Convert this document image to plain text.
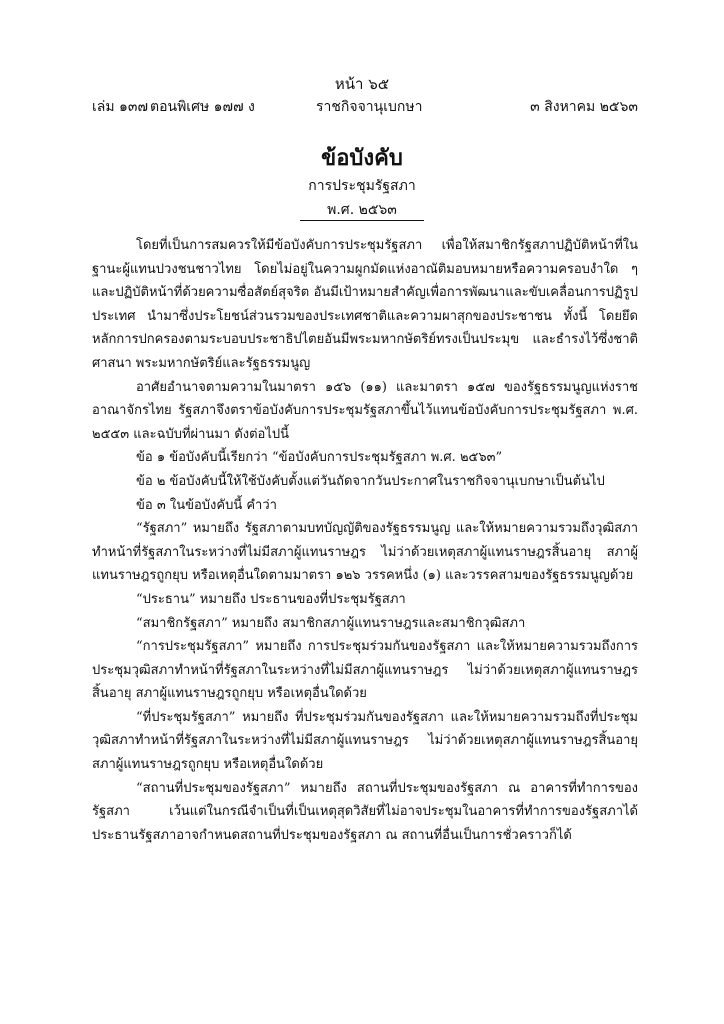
หน้า ๖๕
เล่ม ๑๓๗ ตอนพิเศษ ๑๗๗ ง	ราชกิจจานุเบกษา	๓ สิงหาคม ๒๕๖๓
ข้อบังคับ
การประชุมรัฐสภา
พ.ศ. ๒๕๖๓

โดยที่เป็นการสมควรให้มีข้อบังคับการประชุมรัฐสภา เพื่อให้สมาชิกรัฐสภาปฏิบัติหน้าที่ในฐานะผู้แทนปวงชนชาวไทย โดยไม่อยู่ในความผูกมัดแห่งอาณัติมอบหมายหรือความครอบงำใด ๆ และปฏิบัติหน้าที่ด้วยความซื่อสัตย์สุจริต อันมีเป้าหมายสำคัญเพื่อการพัฒนาและขับเคลื่อนการปฏิรูปประเทศ นำมาซึ่งประโยชน์ส่วนรวมของประเทศชาติและความผาสุกของประชาชน ทั้งนี้ โดยยึดหลักการปกครองตามระบอบประชาธิปไตยอันมีพระมหากษัตริย์ทรงเป็นประมุข และธำรงไว้ซึ่งชาติ ศาสนา พระมหากษัตริย์และรัฐธรรมนูญ

อาศัยอำนาจตามความในมาตรา ๑๕๖ (๑๑) และมาตรา ๑๕๗ ของรัฐธรรมนูญแห่งราชอาณาจักรไทย รัฐสภาจึงตราข้อบังคับการประชุมรัฐสภาขึ้นไว้แทนข้อบังคับการประชุมรัฐสภา พ.ศ. ๒๕๕๓ และฉบับที่ผ่านมา ดังต่อไปนี้

ข้อ ๑ ข้อบังคับนี้เรียกว่า “ข้อบังคับการประชุมรัฐสภา พ.ศ. ๒๕๖๓”

ข้อ ๒ ข้อบังคับนี้ให้ใช้บังคับตั้งแต่วันถัดจากวันประกาศในราชกิจจานุเบกษาเป็นต้นไป

ข้อ ๓ ในข้อบังคับนี้ คำว่า

“รัฐสภา” หมายถึง รัฐสภาตามบทบัญญัติของรัฐธรรมนูญ และให้หมายความรวมถึงวุฒิสภาทำหน้าที่รัฐสภาในระหว่างที่ไม่มีสภาผู้แทนราษฎร ไม่ว่าด้วยเหตุสภาผู้แทนราษฎรสิ้นอายุ สภาผู้แทนราษฎรถูกยุบ หรือเหตุอื่นใดตามมาตรา ๑๒๖ วรรคหนึ่ง (๑) และวรรคสามของรัฐธรรมนูญด้วย

“ประธาน” หมายถึง ประธานของที่ประชุมรัฐสภา

“สมาชิกรัฐสภา” หมายถึง สมาชิกสภาผู้แทนราษฎรและสมาชิกวุฒิสภา

“การประชุมรัฐสภา” หมายถึง การประชุมร่วมกันของรัฐสภา และให้หมายความรวมถึงการประชุมวุฒิสภาทำหน้าที่รัฐสภาในระหว่างที่ไม่มีสภาผู้แทนราษฎร ไม่ว่าด้วยเหตุสภาผู้แทนราษฎรสิ้นอายุ สภาผู้แทนราษฎรถูกยุบ หรือเหตุอื่นใดด้วย

“ที่ประชุมรัฐสภา” หมายถึง ที่ประชุมร่วมกันของรัฐสภา และให้หมายความรวมถึงที่ประชุมวุฒิสภาทำหน้าที่รัฐสภาในระหว่างที่ไม่มีสภาผู้แทนราษฎร ไม่ว่าด้วยเหตุสภาผู้แทนราษฎรสิ้นอายุ สภาผู้แทนราษฎรถูกยุบ หรือเหตุอื่นใดด้วย

“สถานที่ประชุมของรัฐสภา” หมายถึง สถานที่ประชุมของรัฐสภา ณ อาคารที่ทำการของรัฐสภา เว้นแต่ในกรณีจำเป็นที่เป็นเหตุสุดวิสัยที่ไม่อาจประชุมในอาคารที่ทำการของรัฐสภาได้ ประธานรัฐสภาอาจกำหนดสถานที่ประชุมของรัฐสภา ณ สถานที่อื่นเป็นการชั่วคราวก็ได้
